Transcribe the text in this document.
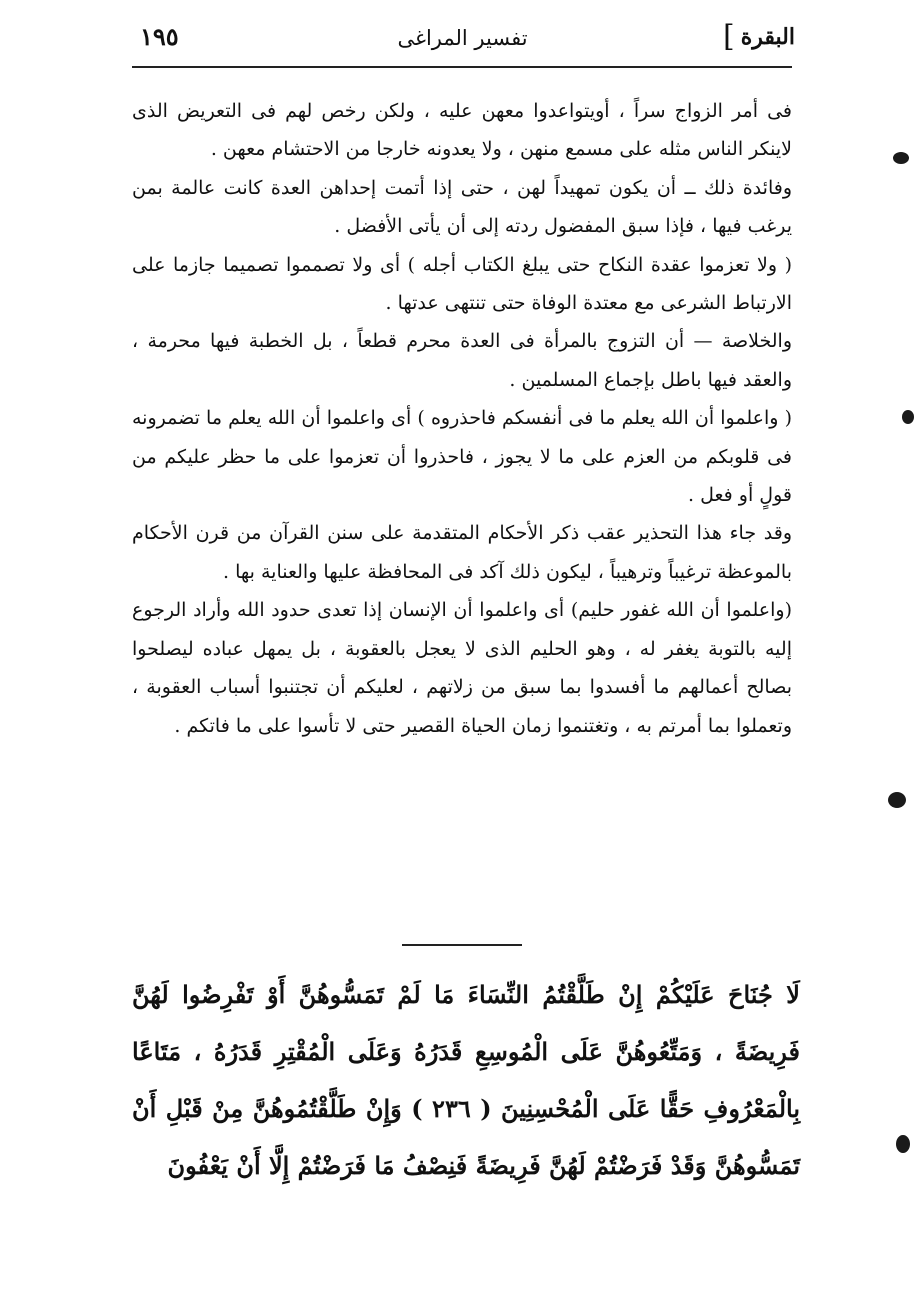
البقرة
]
تفسير المراغى
١٩٥

فى أمر الزواج سراً ، أويتواعدوا معهن عليه ، ولكن رخص لهم فى التعريض الذى لاينكر الناس مثله على مسمع منهن ، ولا يعدونه خارجا من الاحتشام معهن .

وفائدة ذلك ــ أن يكون تمهيداً لهن ، حتى إذا أتمت إحداهن العدة كانت عالمة بمن يرغب فيها ، فإذا سبق المفضول ردته إلى أن يأتى الأفضل .

( ولا تعزموا عقدة النكاح حتى يبلغ الكتاب أجله ) أى ولا تصمموا تصميما جازما على الارتباط الشرعى مع معتدة الوفاة حتى تنتهى عدتها .

والخلاصة — أن التزوج بالمرأة فى العدة محرم قطعاً ، بل الخطبة فيها محرمة ، والعقد فيها باطل بإجماع المسلمين .

( واعلموا أن الله يعلم ما فى أنفسكم فاحذروه ) أى واعلموا أن الله يعلم ما تضمرونه فى قلوبكم من العزم على ما لا يجوز ، فاحذروا أن تعزموا على ما حظر عليكم من قولٍ أو فعل .

وقد جاء هذا التحذير عقب ذكر الأحكام المتقدمة على سنن القرآن من قرن الأحكام بالموعظة ترغيباً وترهيباً ، ليكون ذلك آكد فى المحافظة عليها والعناية بها .

(واعلموا أن الله غفور حليم) أى واعلموا أن الإنسان إذا تعدى حدود الله وأراد الرجوع إليه بالتوبة يغفر له ، وهو الحليم الذى لا يعجل بالعقوبة ، بل يمهل عباده ليصلحوا بصالح أعمالهم ما أفسدوا بما سبق من زلاتهم ، لعليكم أن تجتنبوا أسباب العقوبة ، وتعملوا بما أمرتم به ، وتغتنموا زمان الحياة القصير حتى لا تأسوا على ما فاتكم .

لَا جُنَاحَ عَلَيْكُمْ إِنْ طَلَّقْتُمُ النِّسَاءَ مَا لَمْ تَمَسُّوهُنَّ أَوْ تَفْرِضُوا لَهُنَّ فَرِيضَةً ، وَمَتِّعُوهُنَّ عَلَى الْمُوسِعِ قَدَرُهُ وَعَلَى الْمُقْتِرِ قَدَرُهُ ، مَتَاعًا بِالْمَعْرُوفِ حَقًّا عَلَى الْمُحْسِنِينَ ( ٢٣٦ ) وَإِنْ طَلَّقْتُمُوهُنَّ مِنْ قَبْلِ أَنْ تَمَسُّوهُنَّ وَقَدْ فَرَضْتُمْ لَهُنَّ فَرِيضَةً فَنِصْفُ مَا فَرَضْتُمْ إِلَّا أَنْ يَعْفُونَ
